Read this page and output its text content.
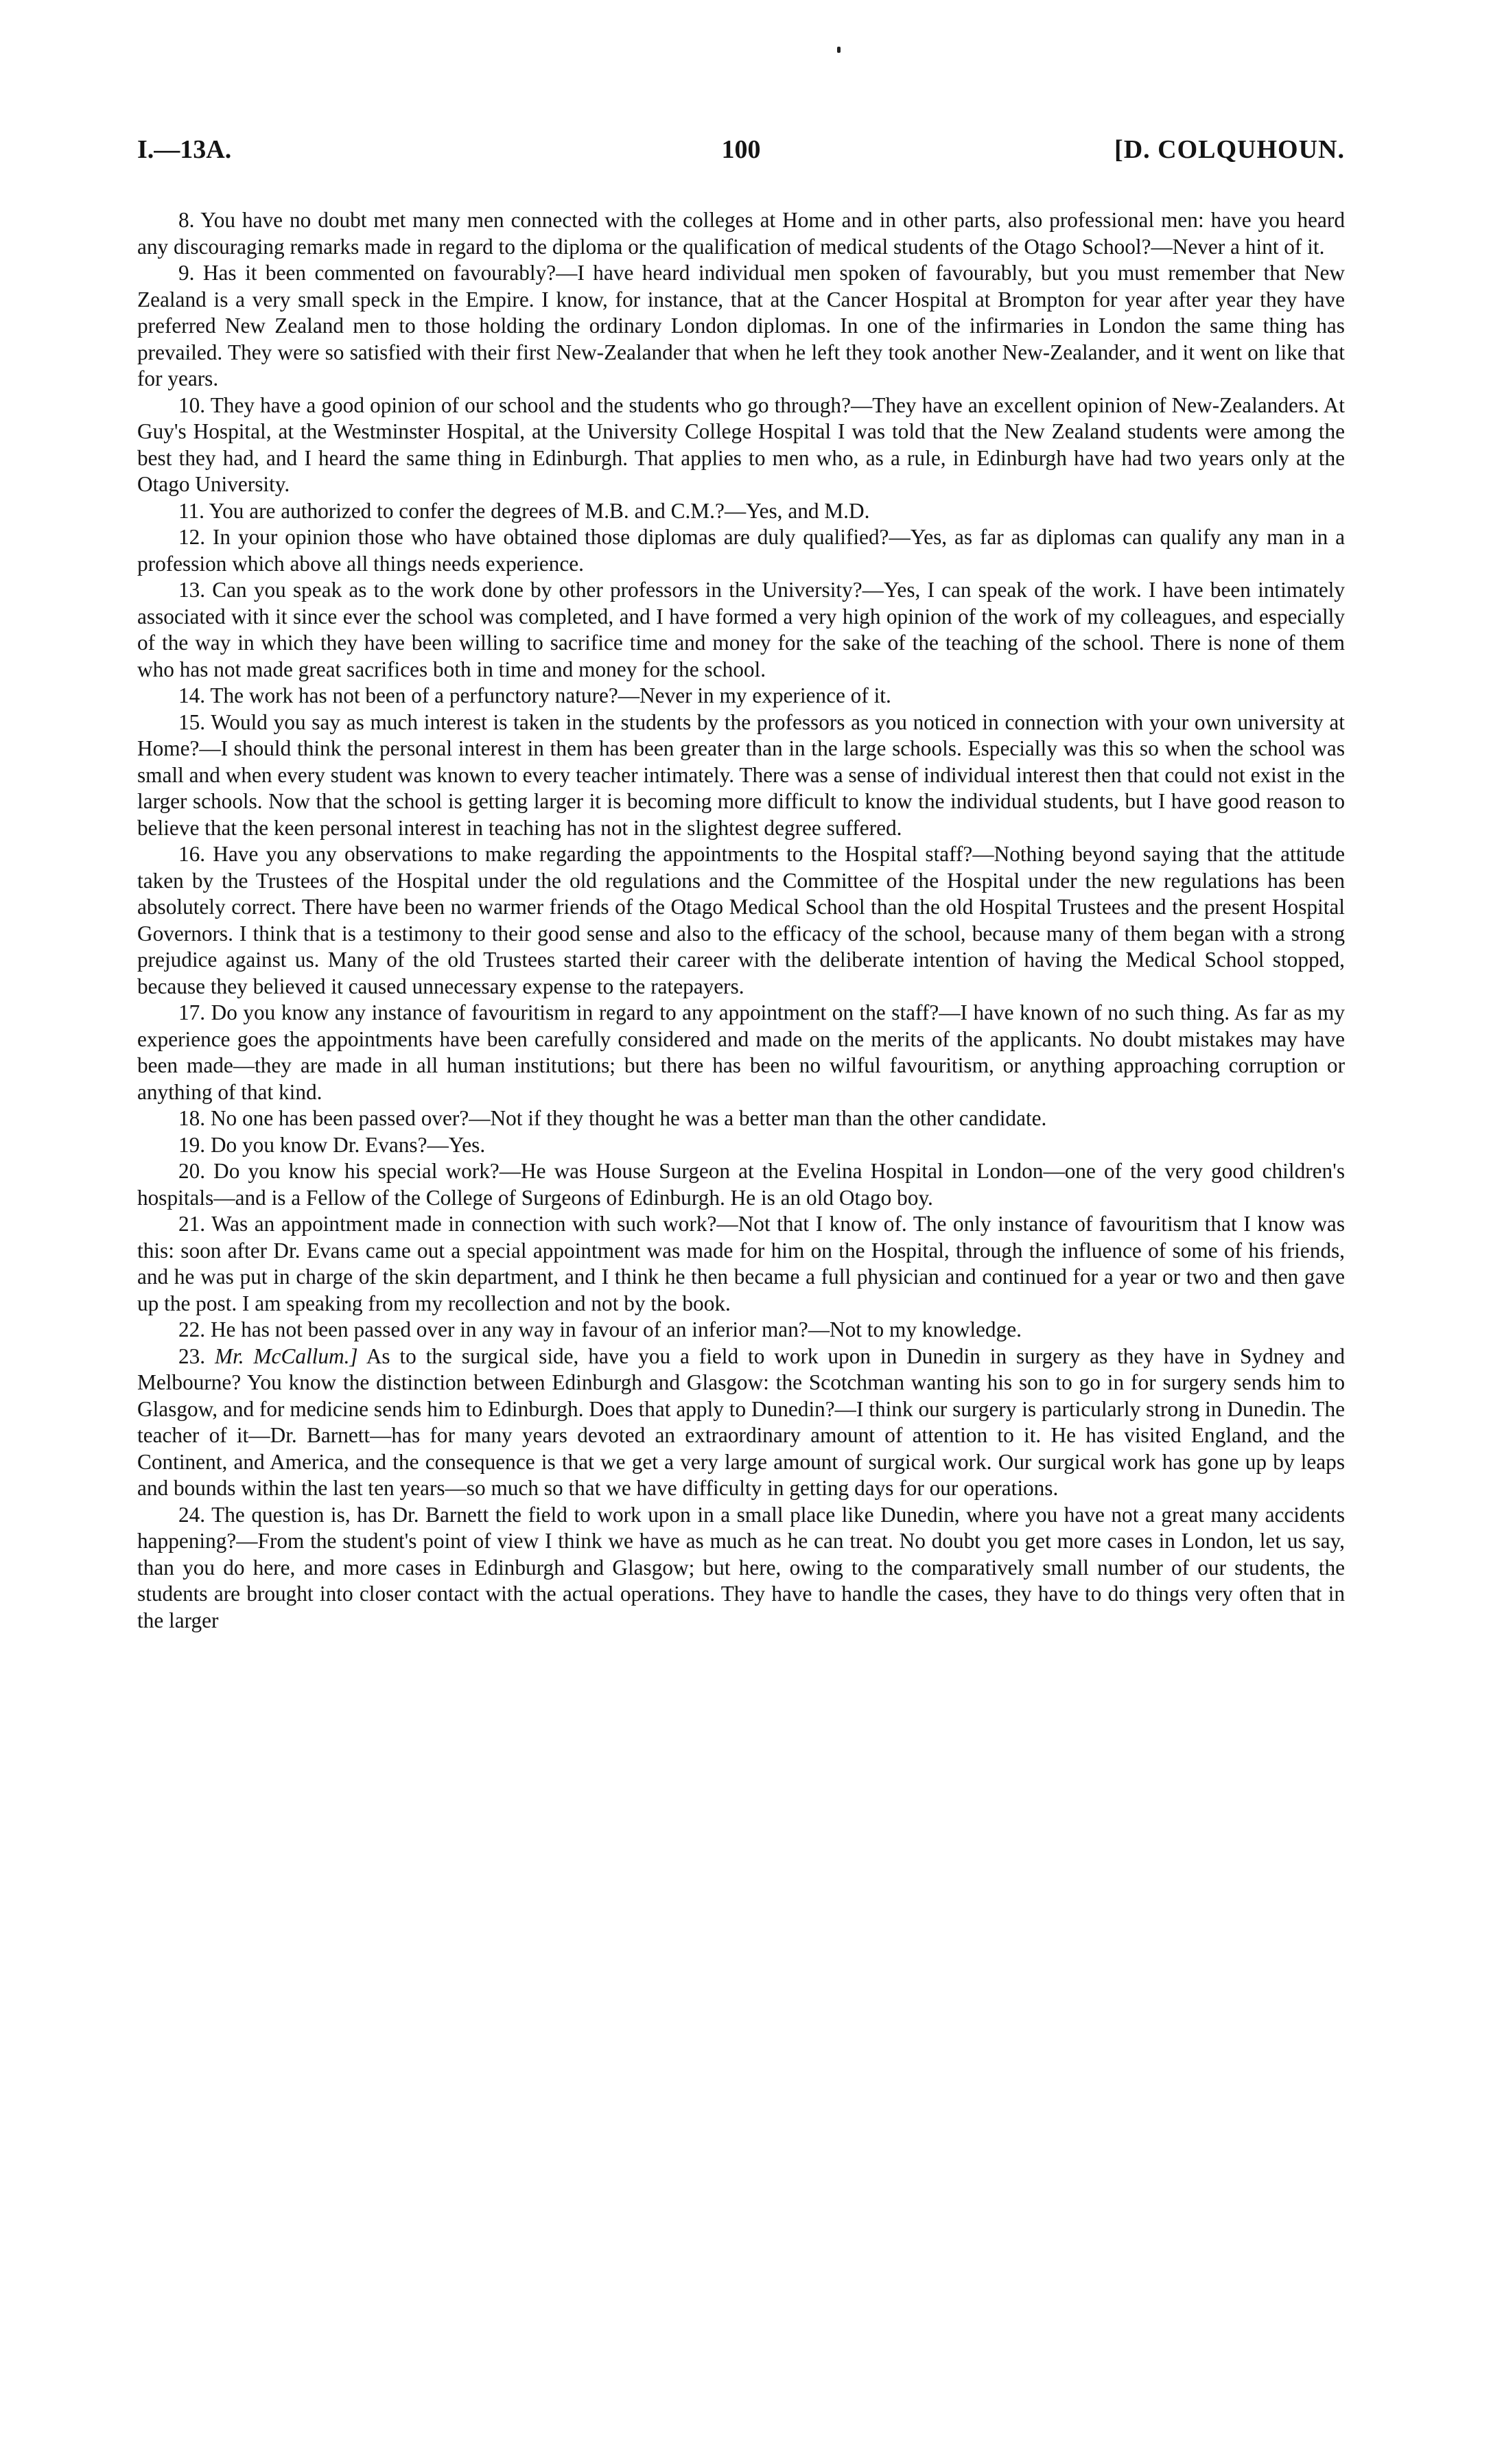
I.—13A.	100	[D. COLQUHOUN.

8. You have no doubt met many men connected with the colleges at Home and in other parts, also professional men: have you heard any discouraging remarks made in regard to the diploma or the qualification of medical students of the Otago School?—Never a hint of it.

9. Has it been commented on favourably?—I have heard individual men spoken of favourably, but you must remember that New Zealand is a very small speck in the Empire. I know, for instance, that at the Cancer Hospital at Brompton for year after year they have preferred New Zealand men to those holding the ordinary London diplomas. In one of the infirmaries in London the same thing has prevailed. They were so satisfied with their first New-Zealander that when he left they took another New-Zealander, and it went on like that for years.

10. They have a good opinion of our school and the students who go through?—They have an excellent opinion of New-Zealanders. At Guy's Hospital, at the Westminster Hospital, at the University College Hospital I was told that the New Zealand students were among the best they had, and I heard the same thing in Edinburgh. That applies to men who, as a rule, in Edinburgh have had two years only at the Otago University.

11. You are authorized to confer the degrees of M.B. and C.M.?—Yes, and M.D.

12. In your opinion those who have obtained those diplomas are duly qualified?—Yes, as far as diplomas can qualify any man in a profession which above all things needs experience.

13. Can you speak as to the work done by other professors in the University?—Yes, I can speak of the work. I have been intimately associated with it since ever the school was completed, and I have formed a very high opinion of the work of my colleagues, and especially of the way in which they have been willing to sacrifice time and money for the sake of the teaching of the school. There is none of them who has not made great sacrifices both in time and money for the school.

14. The work has not been of a perfunctory nature?—Never in my experience of it.

15. Would you say as much interest is taken in the students by the professors as you noticed in connection with your own university at Home?—I should think the personal interest in them has been greater than in the large schools. Especially was this so when the school was small and when every student was known to every teacher intimately. There was a sense of individual interest then that could not exist in the larger schools. Now that the school is getting larger it is becoming more difficult to know the individual students, but I have good reason to believe that the keen personal interest in teaching has not in the slightest degree suffered.

16. Have you any observations to make regarding the appointments to the Hospital staff?—Nothing beyond saying that the attitude taken by the Trustees of the Hospital under the old regulations and the Committee of the Hospital under the new regulations has been absolutely correct. There have been no warmer friends of the Otago Medical School than the old Hospital Trustees and the present Hospital Governors. I think that is a testimony to their good sense and also to the efficacy of the school, because many of them began with a strong prejudice against us. Many of the old Trustees started their career with the deliberate intention of having the Medical School stopped, because they believed it caused unnecessary expense to the ratepayers.

17. Do you know any instance of favouritism in regard to any appointment on the staff?—I have known of no such thing. As far as my experience goes the appointments have been carefully considered and made on the merits of the applicants. No doubt mistakes may have been made—they are made in all human institutions; but there has been no wilful favouritism, or anything approaching corruption or anything of that kind.

18. No one has been passed over?—Not if they thought he was a better man than the other candidate.

19. Do you know Dr. Evans?—Yes.

20. Do you know his special work?—He was House Surgeon at the Evelina Hospital in London—one of the very good children's hospitals—and is a Fellow of the College of Surgeons of Edinburgh. He is an old Otago boy.

21. Was an appointment made in connection with such work?—Not that I know of. The only instance of favouritism that I know was this: soon after Dr. Evans came out a special appointment was made for him on the Hospital, through the influence of some of his friends, and he was put in charge of the skin department, and I think he then became a full physician and continued for a year or two and then gave up the post. I am speaking from my recollection and not by the book.

22. He has not been passed over in any way in favour of an inferior man?—Not to my knowledge.

23. Mr. McCallum.] As to the surgical side, have you a field to work upon in Dunedin in surgery as they have in Sydney and Melbourne? You know the distinction between Edinburgh and Glasgow: the Scotchman wanting his son to go in for surgery sends him to Glasgow, and for medicine sends him to Edinburgh. Does that apply to Dunedin?—I think our surgery is particularly strong in Dunedin. The teacher of it—Dr. Barnett—has for many years devoted an extraordinary amount of attention to it. He has visited England, and the Continent, and America, and the consequence is that we get a very large amount of surgical work. Our surgical work has gone up by leaps and bounds within the last ten years—so much so that we have difficulty in getting days for our operations.

24. The question is, has Dr. Barnett the field to work upon in a small place like Dunedin, where you have not a great many accidents happening?—From the student's point of view I think we have as much as he can treat. No doubt you get more cases in London, let us say, than you do here, and more cases in Edinburgh and Glasgow; but here, owing to the comparatively small number of our students, the students are brought into closer contact with the actual operations. They have to handle the cases, they have to do things very often that in the larger
